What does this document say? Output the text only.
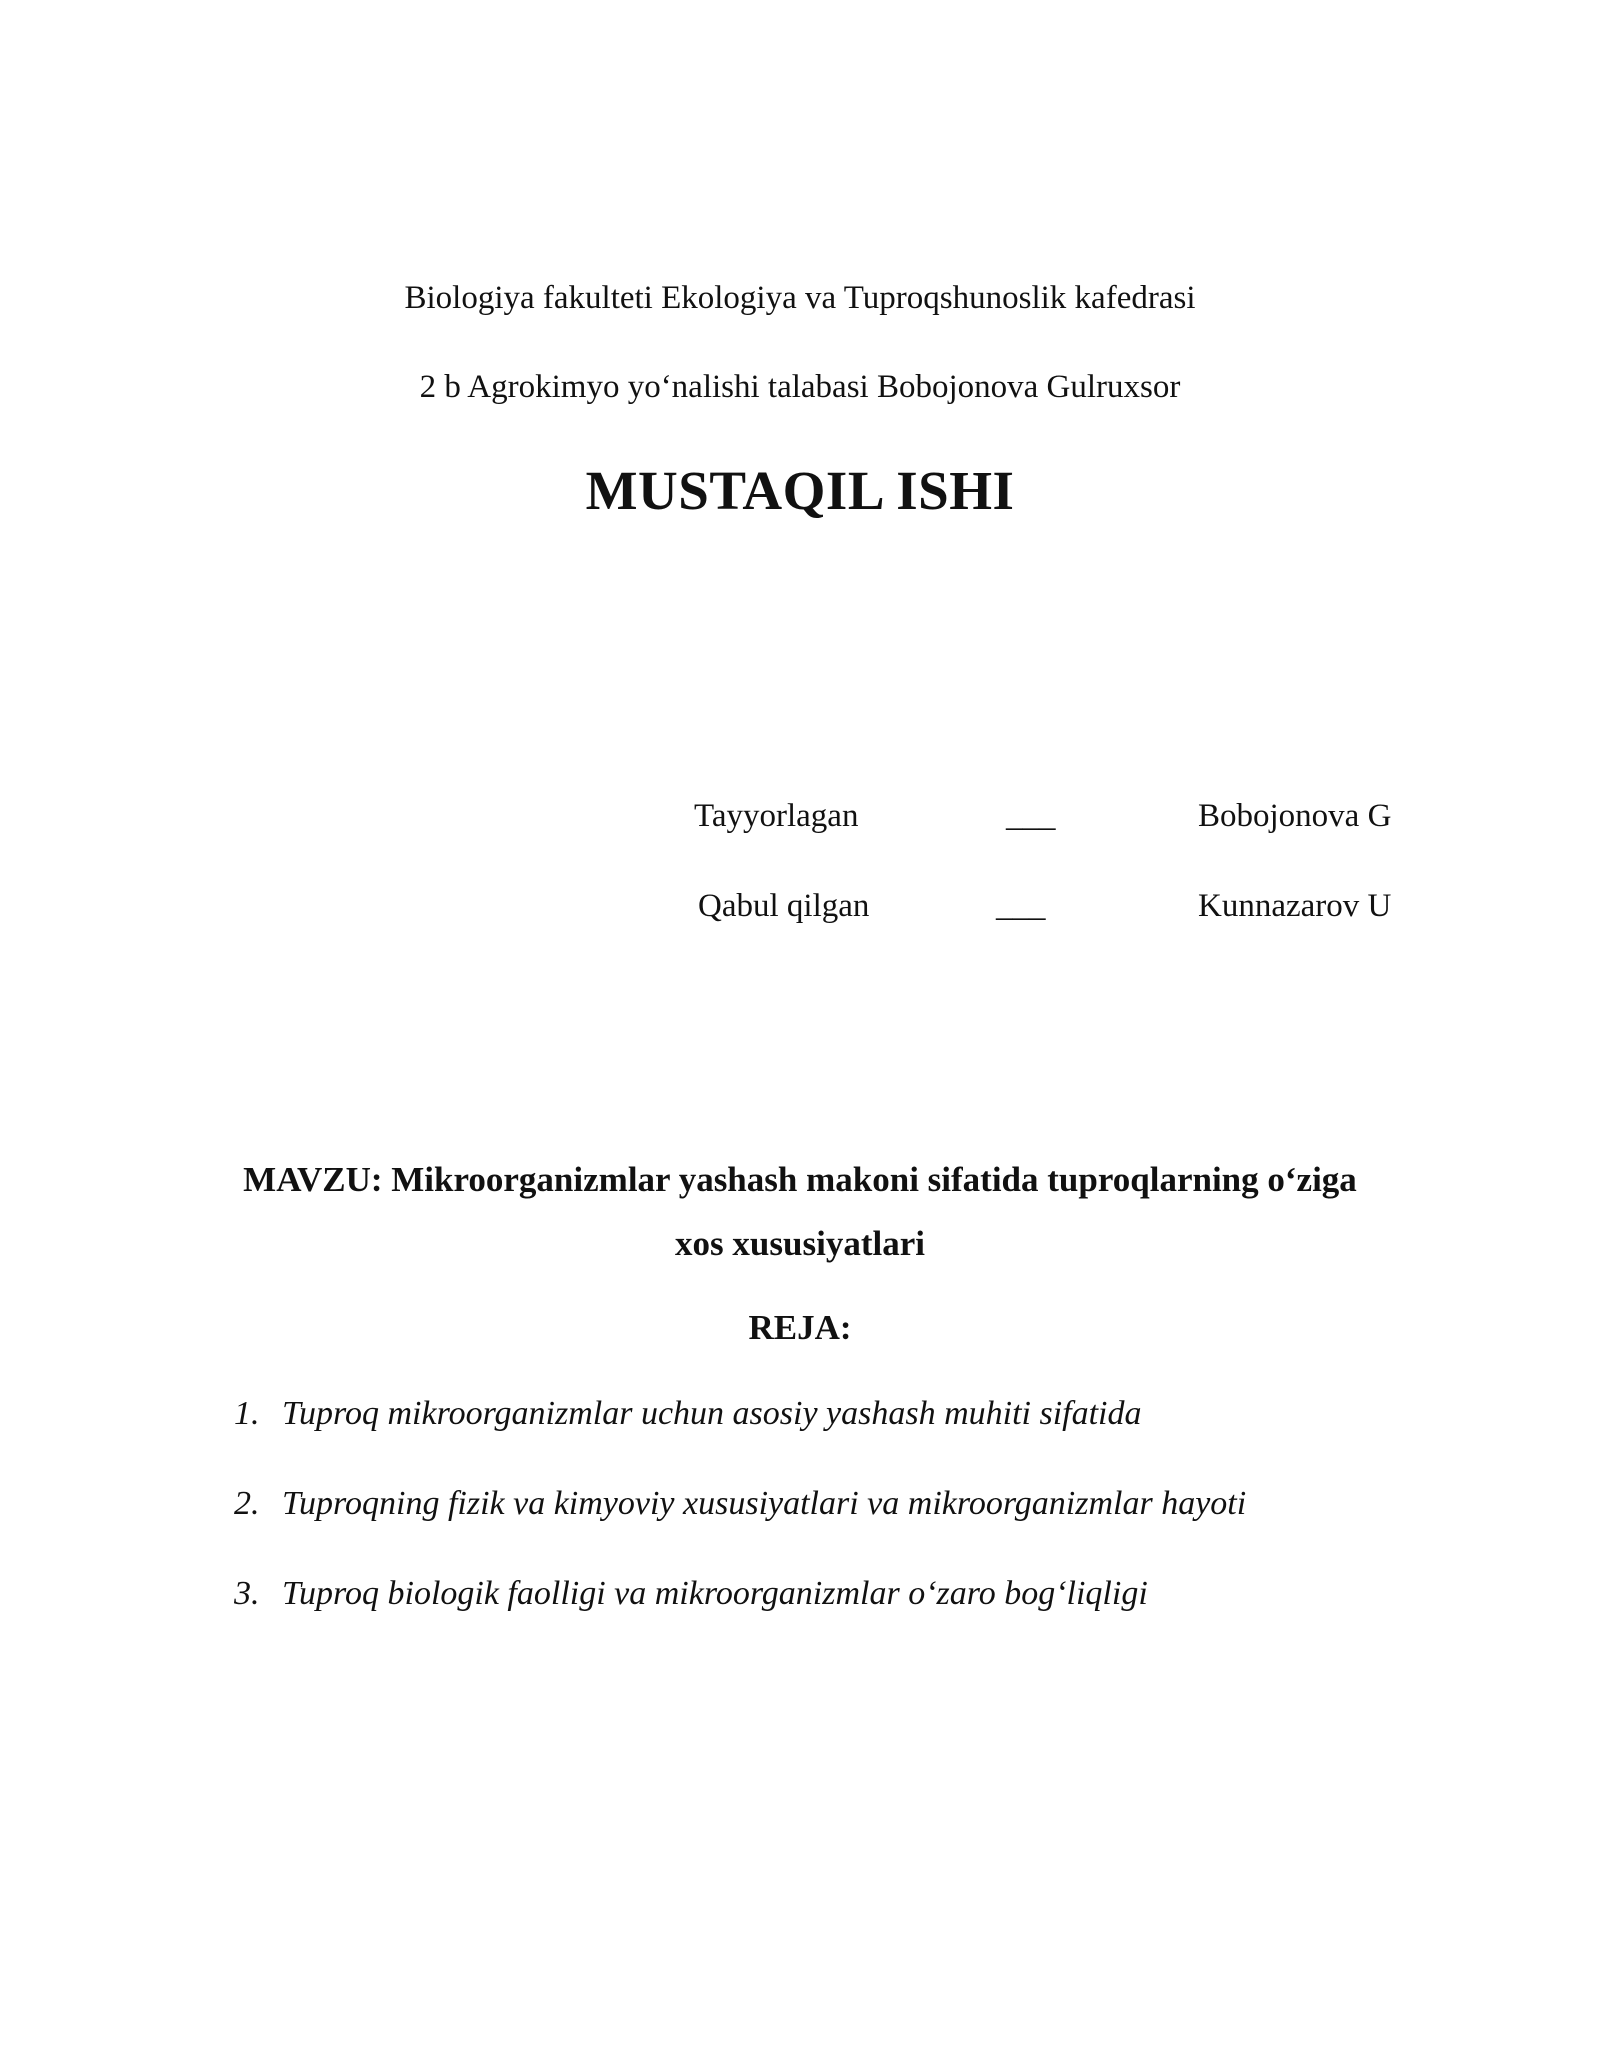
Biologiya fakulteti Ekologiya va Tuproqshunoslik kafedrasi
2 b Agrokimyo yo‘nalishi talabasi Bobojonova Gulruxsor
MUSTAQIL ISHI
Tayyorlagan	___	Bobojonova G
Qabul qilgan	___	Kunnazarov U
MAVZU: Mikroorganizmlar yashash makoni sifatida tuproqlarning o‘ziga
xos xususiyatlari
REJA:
1. Tuproq mikroorganizmlar uchun asosiy yashash muhiti sifatida
2. Tuproqning fizik va kimyoviy xususiyatlari va mikroorganizmlar hayoti
3. Tuproq biologik faolligi va mikroorganizmlar o‘zaro bog‘liqligi
